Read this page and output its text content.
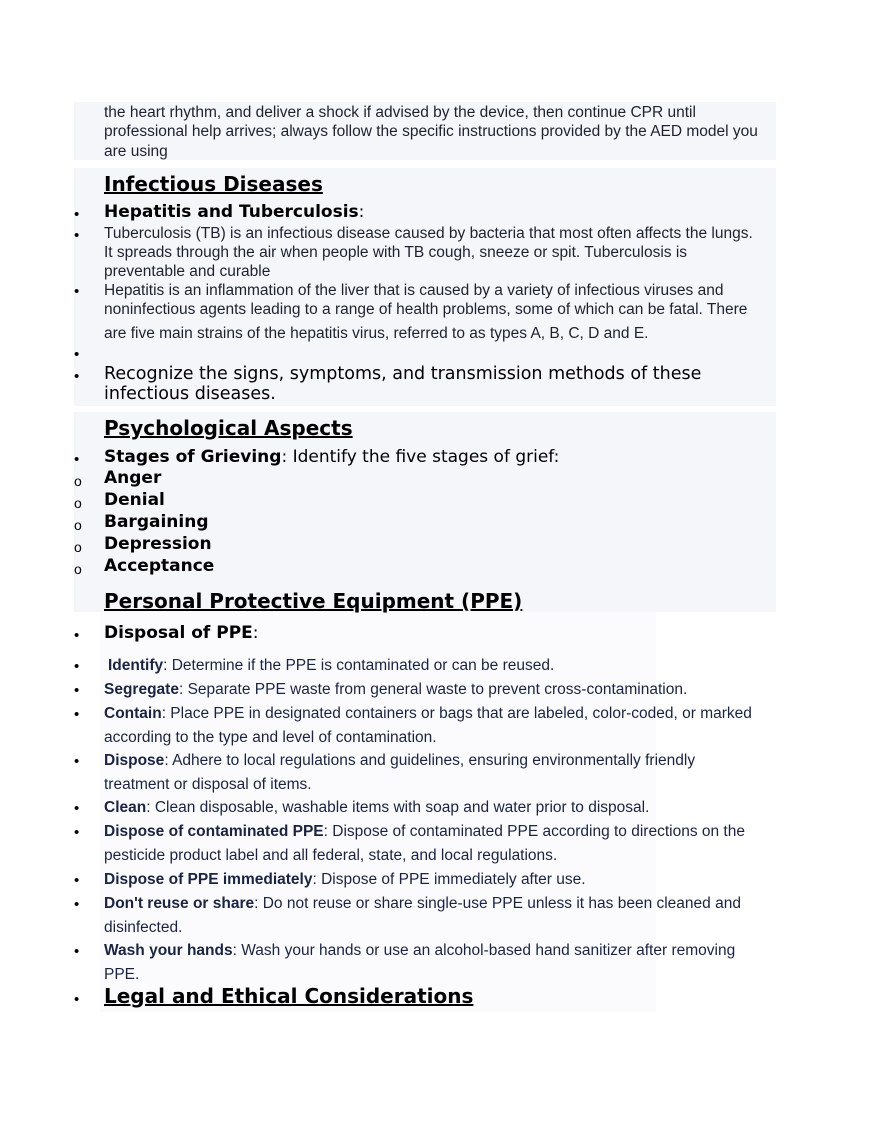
the heart rhythm, and deliver a shock if advised by the device, then continue CPR until
professional help arrives; always follow the specific instructions provided by the AED model you
are using
Infectious Diseases
• Hepatitis and Tuberculosis:
• Tuberculosis (TB) is an infectious disease caused by bacteria that most often affects the lungs.
It spreads through the air when people with TB cough, sneeze or spit. Tuberculosis is
preventable and curable
• Hepatitis is an inflammation of the liver that is caused by a variety of infectious viruses and
noninfectious agents leading to a range of health problems, some of which can be fatal. There
are five main strains of the hepatitis virus, referred to as types A, B, C, D and E.
•
• Recognize the signs, symptoms, and transmission methods of these
infectious diseases.
Psychological Aspects
• Stages of Grieving: Identify the five stages of grief:
o Anger
o Denial
o Bargaining
o Depression
o Acceptance
Personal Protective Equipment (PPE)
• Disposal of PPE:
• Identify: Determine if the PPE is contaminated or can be reused.
• Segregate: Separate PPE waste from general waste to prevent cross-contamination.
• Contain: Place PPE in designated containers or bags that are labeled, color-coded, or marked
according to the type and level of contamination.
• Dispose: Adhere to local regulations and guidelines, ensuring environmentally friendly
treatment or disposal of items.
• Clean: Clean disposable, washable items with soap and water prior to disposal.
• Dispose of contaminated PPE: Dispose of contaminated PPE according to directions on the
pesticide product label and all federal, state, and local regulations.
• Dispose of PPE immediately: Dispose of PPE immediately after use.
• Don't reuse or share: Do not reuse or share single-use PPE unless it has been cleaned and
disinfected.
• Wash your hands: Wash your hands or use an alcohol-based hand sanitizer after removing
PPE.
• Legal and Ethical Considerations
